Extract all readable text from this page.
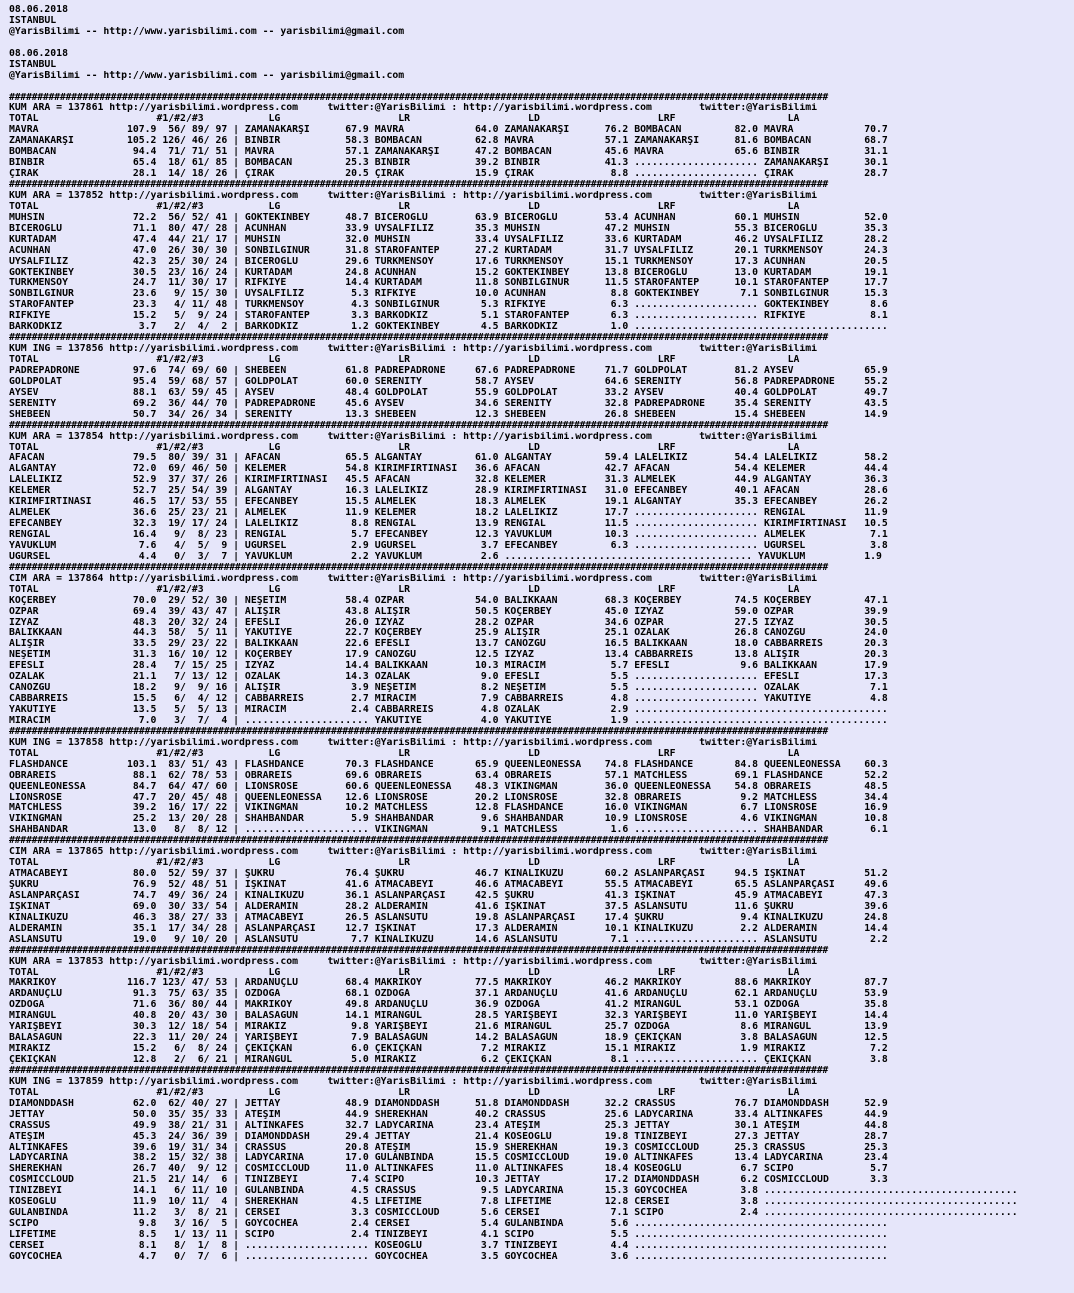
08.06.2018
ISTANBUL
@YarisBilimi -- http://www.yarisbilimi.com -- yarisbilimi@gmail.com
08.06.2018
ISTANBUL
@YarisBilimi -- http://www.yarisbilimi.com -- yarisbilimi@gmail.com
#################################################################################################################################################
KUM ARA = 137861 http://yarisbilimi.wordpress.com     twitter:@YarisBilimi : http://yarisbilimi.wordpress.com        twitter:@YarisBilimi
TOTAL                    #1/#2/#3           LG                    LR                    LD                    LRF                   LA
MAVRA               107.9  56/ 89/ 97 | ZAMANAKARŞI      67.9 MAVRA            64.0 ZAMANAKARŞI      76.2 BOMBACAN         82.0 MAVRA            70.7
ZAMANAKARŞI         105.2 126/ 46/ 26 | BİNBİR           58.3 BOMBACAN         62.8 MAVRA            57.1 ZAMANAKARŞI      81.6 BOMBACAN         68.7
BOMBACAN             94.4  71/ 71/ 51 | MAVRA            57.1 ZAMANAKARŞI      47.2 BOMBACAN         45.6 MAVRA            65.6 BİNBİR           31.1
BİNBİR               65.4  18/ 61/ 85 | BOMBACAN         25.3 BİNBİR           39.2 BİNBİR           41.3 ..................... ZAMANAKARŞI      30.1
ÇIRAK                28.1  14/ 18/ 26 | ÇIRAK            20.5 ÇIRAK            15.9 ÇIRAK             8.8 ..................... ÇIRAK            28.7
#################################################################################################################################################
KUM ARA = 137852 http://yarisbilimi.wordpress.com     twitter:@YarisBilimi : http://yarisbilimi.wordpress.com        twitter:@YarisBilimi
TOTAL                    #1/#2/#3           LG                    LR                    LD                    LRF                   LA
MUHSİN               72.2  56/ 52/ 41 | GÖKTEKİNBEY      48.7 BİCEROĞLU        63.9 BİCEROĞLU        53.4 ACUNHAN          60.1 MUHSİN           52.0
BİCEROĞLU            71.1  80/ 47/ 28 | ACUNHAN          33.9 UYSALFİLİZ       35.3 MUHSİN           47.2 MUHSİN           55.3 BİCEROĞLU        35.3
KURTADAM             47.4  44/ 21/ 17 | MUHSİN           32.0 MUHSİN           33.4 UYSALFİLİZ       33.6 KURTADAM         46.2 UYSALFİLİZ       28.2
ACUNHAN              47.0  26/ 30/ 30 | SONBİLGİNUR      31.8 STAROFANTEP      27.2 KURTADAM         31.7 UYSALFİLİZ       20.1 TÜRKMENSOY       24.3
UYSALFİLİZ           42.3  25/ 30/ 24 | BİCEROĞLU        29.6 TÜRKMENSOY       17.6 TÜRKMENSOY       15.1 TÜRKMENSOY       17.3 ACUNHAN          20.5
GÖKTEKİNBEY          30.5  23/ 16/ 24 | KURTADAM         24.8 ACUNHAN          15.2 GÖKTEKİNBEY      13.8 BİCEROĞLU        13.0 KURTADAM         19.1
TÜRKMENSOY           24.7  11/ 30/ 17 | RIFKIYE          14.4 KURTADAM         11.8 SONBİLGİNUR      11.5 STAROFANTEP      10.1 STAROFANTEP      17.7
SONBİLGİNUR          23.6   9/ 15/ 30 | UYSALFİLİZ        5.3 RIFKIYE          10.0 ACUNHAN           8.8 GÖKTEKİNBEY       7.1 SONBİLGİNUR      15.3
STAROFANTEP          23.3   4/ 11/ 48 | TÜRKMENSOY        4.3 SONBİLGİNUR       5.3 RIFKIYE           6.3 ..................... GÖKTEKİNBEY       8.6
RIFKIYE              15.2   5/  9/ 24 | STAROFANTEP       3.3 BARKODKIZ         5.1 STAROFANTEP       6.3 ..................... RIFKIYE           8.1
BARKODKIZ             3.7   2/  4/  2 | BARKODKIZ         1.2 GÖKTEKİNBEY       4.5 BARKODKIZ         1.0 ...........................................
#################################################################################################################################################
KUM ING = 137856 http://yarisbilimi.wordpress.com     twitter:@YarisBilimi : http://yarisbilimi.wordpress.com        twitter:@YarisBilimi
TOTAL                    #1/#2/#3           LG                    LR                    LD                    LRF                   LA
PADREPADRONE         97.6  74/ 69/ 60 | SHEBEEN          61.8 PADREPADRONE     67.6 PADREPADRONE     71.7 GOLDPOLAT        81.2 AYSEV            65.9
GOLDPOLAT            95.4  59/ 68/ 57 | GOLDPOLAT        60.0 SERENITY         58.7 AYSEV            64.6 SERENITY         56.8 PADREPADRONE     55.2
AYSEV                88.1  63/ 59/ 45 | AYSEV            48.4 GOLDPOLAT        55.9 GOLDPOLAT        33.2 AYSEV            40.4 GOLDPOLAT        49.7
SERENITY             69.2  36/ 44/ 70 | PADREPADRONE     45.6 AYSEV            34.6 SERENITY         32.8 PADREPADRONE     35.4 SERENITY         43.5
SHEBEEN              50.7  34/ 26/ 34 | SERENITY         13.3 SHEBEEN          12.3 SHEBEEN          26.8 SHEBEEN          15.4 SHEBEEN          14.9
#################################################################################################################################################
KUM ARA = 137854 http://yarisbilimi.wordpress.com     twitter:@YarisBilimi : http://yarisbilimi.wordpress.com        twitter:@YarisBilimi
TOTAL                    #1/#2/#3           LG                    LR                    LD                    LRF                   LA
AFACAN               79.5  80/ 39/ 31 | AFACAN           65.5 ALGANTAY         61.0 ALGANTAY         59.4 LALELİKIZ        54.4 LALELİKIZ        58.2
ALGANTAY             72.0  69/ 46/ 50 | KELEMER          54.8 KIRIMFIRTINASI   36.6 AFACAN           42.7 AFACAN           54.4 KELEMER          44.4
LALELİKIZ            52.9  37/ 37/ 26 | KIRIMFIRTINASI   45.5 AFACAN           32.8 KELEMER          31.3 ALMELEK          44.9 ALGANTAY         36.3
KELEMER              52.7  25/ 54/ 39 | ALGANTAY         16.3 LALELİKIZ        28.9 KIRIMFIRTINASI   31.0 EFECANBEY        40.1 AFACAN           28.6
KIRIMFIRTINASI       46.5  17/ 53/ 55 | EFECANBEY        15.5 ALMELEK          18.3 ALMELEK          19.1 ALGANTAY         35.3 EFECANBEY        26.2
ALMELEK              36.6  25/ 23/ 21 | ALMELEK          11.9 KELEMER          18.2 LALELİKIZ        17.7 ..................... RENGİAL          11.9
EFECANBEY            32.3  19/ 17/ 24 | LALELİKIZ         8.8 RENGİAL          13.9 RENGİAL          11.5 ..................... KIRIMFIRTINASI   10.5
RENGİAL              16.4   9/  8/ 23 | RENGİAL           5.7 EFECANBEY        12.3 YAVUKLUM         10.3 ..................... ALMELEK           7.1
YAVUKLUM              7.6   4/  5/  9 | UĞURSEL           2.9 UĞURSEL           3.7 EFECANBEY         6.3 ..................... UĞURSEL           3.8
UĞURSEL               4.4   0/  3/  7 | YAVUKLUM          2.2 YAVUKLUM          2.6 .......................................... YAVUKLUM          1.9
#################################################################################################################################################
CIM ARA = 137864 http://yarisbilimi.wordpress.com     twitter:@YarisBilimi : http://yarisbilimi.wordpress.com        twitter:@YarisBilimi
TOTAL                    #1/#2/#3           LG                    LR                    LD                    LRF                   LA
KOÇERBEY             70.0  29/ 52/ 30 | NEŞETİM          58.4 ÖZPAR            54.0 BALIKKAAN        68.3 KOÇERBEY         74.5 KOÇERBEY         47.1
ÖZPAR                69.4  39/ 43/ 47 | ALİŞİR           43.8 ALİŞİR           50.5 KOÇERBEY         45.0 İZYAZ            59.0 ÖZPAR            39.9
İZYAZ                48.3  20/ 32/ 24 | EFESLİ           26.0 İZYAZ            28.2 ÖZPAR            34.6 ÖZPAR            27.5 İZYAZ            30.5
BALIKKAAN            44.3  58/  5/ 11 | YAKUTİYE         22.7 KOÇERBEY         25.9 ALİŞİR           25.1 ÖZALAK           26.8 CANOZGÜ          24.0
ALİŞİR               33.5  29/ 23/ 22 | BALIKKAAN        22.6 EFESLİ           13.7 CANOZGÜ          16.5 BALIKKAAN        18.0 CABBARREİS       20.3
NEŞETİM              31.3  16/ 10/ 12 | KOÇERBEY         17.9 CANOZGÜ          12.5 İZYAZ            13.4 CABBARREİS       13.8 ALİŞİR           20.3
EFESLİ               28.4   7/ 15/ 25 | İZYAZ            14.4 BALIKKAAN        10.3 MİRACIM           5.7 EFESLİ            9.6 BALIKKAAN        17.9
ÖZALAK               21.1   7/ 13/ 12 | ÖZALAK           14.3 ÖZALAK            9.0 EFESLİ            5.5 ..................... EFESLİ           17.3
CANOZGÜ              18.2   9/  9/ 16 | ALİŞİR            3.9 NEŞETİM           8.2 NEŞETİM           5.5 ..................... ÖZALAK            7.1
CABBARREİS           15.5   6/  4/ 12 | CABBARREİS        2.7 MİRACIM           7.9 CABBARREİS        4.8 ..................... YAKUTİYE          4.8
YAKUTİYE             13.5   5/  5/ 13 | MİRACIM           2.4 CABBARREİS        4.8 ÖZALAK            2.9 ...........................................
MİRACIM               7.0   3/  7/  4 | ..................... YAKUTİYE          4.0 YAKUTİYE          1.9 ...........................................
#################################################################################################################################################
KUM ING = 137858 http://yarisbilimi.wordpress.com     twitter:@YarisBilimi : http://yarisbilimi.wordpress.com        twitter:@YarisBilimi
TOTAL                    #1/#2/#3           LG                    LR                    LD                    LRF                   LA
FLASHDANCE          103.1  83/ 51/ 43 | FLASHDANCE       70.3 FLASHDANCE       65.9 QUEENLEONESSA    74.8 FLASHDANCE       84.8 QUEENLEONESSA    60.3
OBRAREİS             88.1  62/ 78/ 53 | OBRAREİS         69.6 OBRAREİS         63.4 OBRAREİS         57.1 MATCHLESS        69.1 FLASHDANCE       52.2
QUEENLEONESSA        84.7  64/ 47/ 60 | LIONSROSE        60.6 QUEENLEONESSA    48.3 VIKINGMAN        36.0 QUEENLEONESSA    54.8 OBRAREİS         48.5
LIONSROSE            47.7  20/ 45/ 48 | QUEENLEONESSA    12.6 LIONSROSE        20.2 LIONSROSE        32.8 OBRAREİS          9.2 MATCHLESS        34.4
MATCHLESS            39.2  16/ 17/ 22 | VIKINGMAN        10.2 MATCHLESS        12.8 FLASHDANCE       16.0 VIKINGMAN         6.7 LIONSROSE        16.9
VIKINGMAN            25.2  13/ 20/ 28 | SHAHBANDAR        5.9 SHAHBANDAR        9.6 SHAHBANDAR       10.9 LIONSROSE         4.6 VIKINGMAN        10.8
SHAHBANDAR           13.0   8/  8/ 12 | ..................... VIKINGMAN         9.1 MATCHLESS         1.6 ..................... SHAHBANDAR        6.1
#################################################################################################################################################
CIM ARA = 137865 http://yarisbilimi.wordpress.com     twitter:@YarisBilimi : http://yarisbilimi.wordpress.com        twitter:@YarisBilimi
TOTAL                    #1/#2/#3           LG                    LR                    LD                    LRF                   LA
ATMACABEYİ           80.0  52/ 59/ 37 | ŞÜKRÜ            76.4 ŞÜKRÜ            46.7 KINALIKUZU       60.2 ASLANPARÇASI     94.5 İŞKINAT          51.2
ŞÜKRÜ                76.9  52/ 48/ 51 | İŞKINAT          41.6 ATMACABEYİ       46.6 ATMACABEYİ       55.5 ATMACABEYİ       65.5 ASLANPARÇASI     49.6
ASLANPARÇASI         74.7  49/ 36/ 24 | KINALIKUZU       36.1 ASLANPARÇASI     42.5 ŞÜKRÜ            41.3 İŞKINAT          45.9 ATMACABEYİ       47.3
İŞKINAT              69.0  30/ 33/ 54 | ALDERAMİN        28.2 ALDERAMİN        41.6 İŞKINAT          37.5 ASLANSUTU        11.6 ŞÜKRÜ            39.6
KINALIKUZU           46.3  38/ 27/ 33 | ATMACABEYİ       26.5 ASLANSUTU        19.8 ASLANPARÇASI     17.4 ŞÜKRÜ             9.4 KINALIKUZU       24.8
ALDERAMİN            35.1  17/ 34/ 28 | ASLANPARÇASI     12.7 İŞKINAT          17.3 ALDERAMİN        10.1 KINALIKUZU        2.2 ALDERAMİN        14.4
ASLANSUTU            19.0   9/ 10/ 20 | ASLANSUTU         7.7 KINALIKUZU       14.6 ASLANSUTU         7.1 ..................... ASLANSUTU         2.2
#################################################################################################################################################
KUM ARA = 137853 http://yarisbilimi.wordpress.com     twitter:@YarisBilimi : http://yarisbilimi.wordpress.com        twitter:@YarisBilimi
TOTAL                    #1/#2/#3           LG                    LR                    LD                    LRF                   LA
MAKRİKÖY            116.7 123/ 47/ 53 | ARDANUÇLU        68.4 MAKRİKÖY         77.5 MAKRİKÖY         46.2 MAKRİKÖY         88.6 MAKRİKÖY         87.7
ARDANUÇLU            91.3  75/ 63/ 35 | ÖZDOĞA           68.1 ÖZDOĞA           37.1 ARDANUÇLU        41.6 ARDANUÇLU        62.1 ARDANUÇLU        53.9
ÖZDOĞA               71.6  36/ 80/ 44 | MAKRİKÖY         49.8 ARDANUÇLU        36.9 ÖZDOĞA           41.2 MİRANGÜL         53.1 ÖZDOĞA           35.8
MİRANGÜL             40.8  20/ 43/ 30 | BALASAGUN        14.1 MİRANGÜL         28.5 YARIŞBEYİ        32.3 YARIŞBEYİ        11.0 YARIŞBEYİ        14.4
YARIŞBEYİ            30.3  12/ 18/ 54 | MİRAKIZ           9.8 YARIŞBEYİ        21.6 MİRANGÜL         25.7 ÖZDOĞA            8.6 MİRANGÜL         13.9
BALASAGUN            22.3  11/ 20/ 24 | YARIŞBEYİ         7.9 BALASAGUN        14.2 BALASAGUN        18.9 ÇEKİÇKAN          3.8 BALASAGUN        12.5
MİRAKIZ              15.2   6/  8/ 24 | ÇEKİÇKAN          6.0 ÇEKİÇKAN          7.2 MİRAKIZ          15.1 MİRAKIZ           1.9 MİRAKIZ           7.2
ÇEKİÇKAN             12.8   2/  6/ 21 | MİRANGÜL          5.0 MİRAKIZ           6.2 ÇEKİÇKAN          8.1 ..................... ÇEKİÇKAN          3.8
#################################################################################################################################################
KUM ING = 137859 http://yarisbilimi.wordpress.com     twitter:@YarisBilimi : http://yarisbilimi.wordpress.com        twitter:@YarisBilimi
TOTAL                    #1/#2/#3           LG                    LR                    LD                    LRF                   LA
DIAMONDDASH          62.0  62/ 40/ 27 | JETTAY           48.9 DIAMONDDASH      51.8 DIAMONDDASH      32.2 CRASSUS          76.7 DIAMONDDASH      52.9
JETTAY               50.0  35/ 35/ 33 | ATEŞİM           44.9 SHEREKHAN        40.2 CRASSUS          25.6 LADYCARINA       33.4 ALTINKAFES       44.9
CRASSUS              49.9  38/ 21/ 31 | ALTINKAFES       32.7 LADYCARINA       23.4 ATEŞİM           25.3 JETTAY           30.1 ATEŞİM           44.8
ATEŞİM               45.3  24/ 36/ 39 | DIAMONDDASH      29.4 JETTAY           21.4 KOSEOGLU         19.8 TİNİZBEYİ        27.3 JETTAY           28.7
ALTINKAFES           39.6  19/ 31/ 34 | CRASSUS          20.8 ATEŞİM           15.9 SHEREKHAN        19.3 COSMICCLOUD      25.3 CRASSUS          25.3
LADYCARINA           38.2  15/ 32/ 38 | LADYCARINA       17.0 GULANBINDA       15.5 COSMICCLOUD      19.0 ALTINKAFES       13.4 LADYCARINA       23.4
SHEREKHAN            26.7  40/  9/ 12 | COSMICCLOUD      11.0 ALTINKAFES       11.0 ALTINKAFES       18.4 KOSEOGLU          6.7 SCIPO             5.7
COSMICCLOUD          21.5  21/ 14/  6 | TİNİZBEYİ         7.4 SCIPO            10.3 JETTAY           17.2 DIAMONDDASH       6.2 COSMICCLOUD       3.3
TİNİZBEYİ            14.1   6/ 11/ 10 | GULANBINDA        4.5 CRASSUS           9.5 LADYCARINA       15.3 GOYCOCHEA         3.8 ...........................................
KOSEOGLU             11.9  10/ 11/  4 | SHEREKHAN         4.5 LIFETIME          7.8 LIFETIME         12.8 CERSEI            3.8 ...........................................
GULANBINDA           11.2   3/  8/ 21 | CERSEI            3.3 COSMICCLOUD       5.6 CERSEI            7.1 SCIPO             2.4 ...........................................
SCIPO                 9.8   3/ 16/  5 | GOYCOCHEA         2.4 CERSEI            5.4 GULANBINDA        5.6 ...........................................
LIFETIME              8.5   1/ 13/ 11 | SCIPO             2.4 TİNİZBEYİ         4.1 SCIPO             5.5 ...........................................
CERSEI                8.1   8/  1/  8 | ..................... KOSEOGLU          3.7 TİNİZBEYİ         4.4 ...........................................
GOYCOCHEA             4.7   0/  7/  6 | ..................... GOYCOCHEA         3.5 GOYCOCHEA         3.6 ...........................................
